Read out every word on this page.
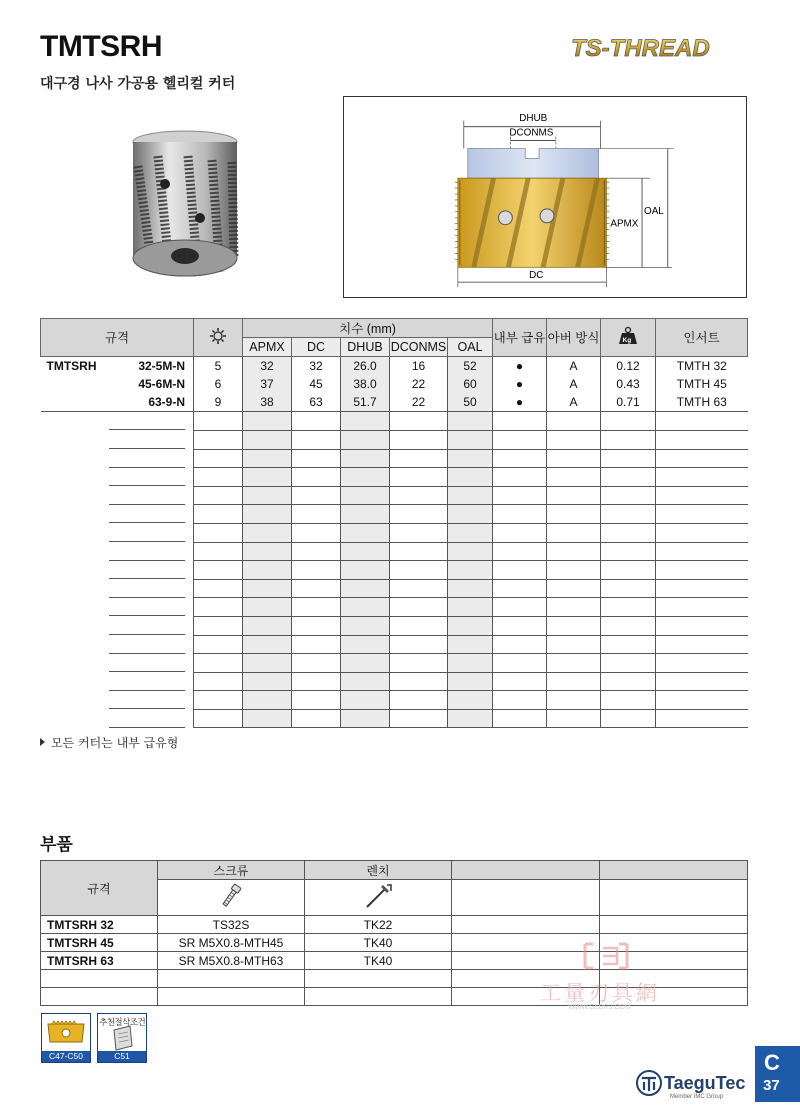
TMTSRH
대구경 나사 가공용 헬리컬 커터
TS-THREAD
DHUB
DCONMS
DC
APMX
OAL
규격		치수 (mm)					내부 급유	아버 방식	Kg	인서트
		APMX	DC	DHUB	DCONMS	OAL				

TMTSRH 32-5M-N	5	32	32	26.0	16	52	●	A	0.12	TMTH 32

45-6M-N	6	37	45	38.0	22	60	●	A	0.43	TMTH 45

63-9-N	9	38	63	51.7	22	50	●	A	0.71	TMTH 63

모든 커터는 내부 급유형
부품
규격	스크류	렌치		

TMTSRH 32	TS32S	TK22		
TMTSRH 45	SR M5X0.8-MTH45	TK40		
TMTSRH 63	SR M5X0.8-MTH63	TK40		

C47-C50
추천절삭조건
C51
工量刃具網
WWW.GLDRJ.COM
TaeguTec
Member IMC Group
C
37
